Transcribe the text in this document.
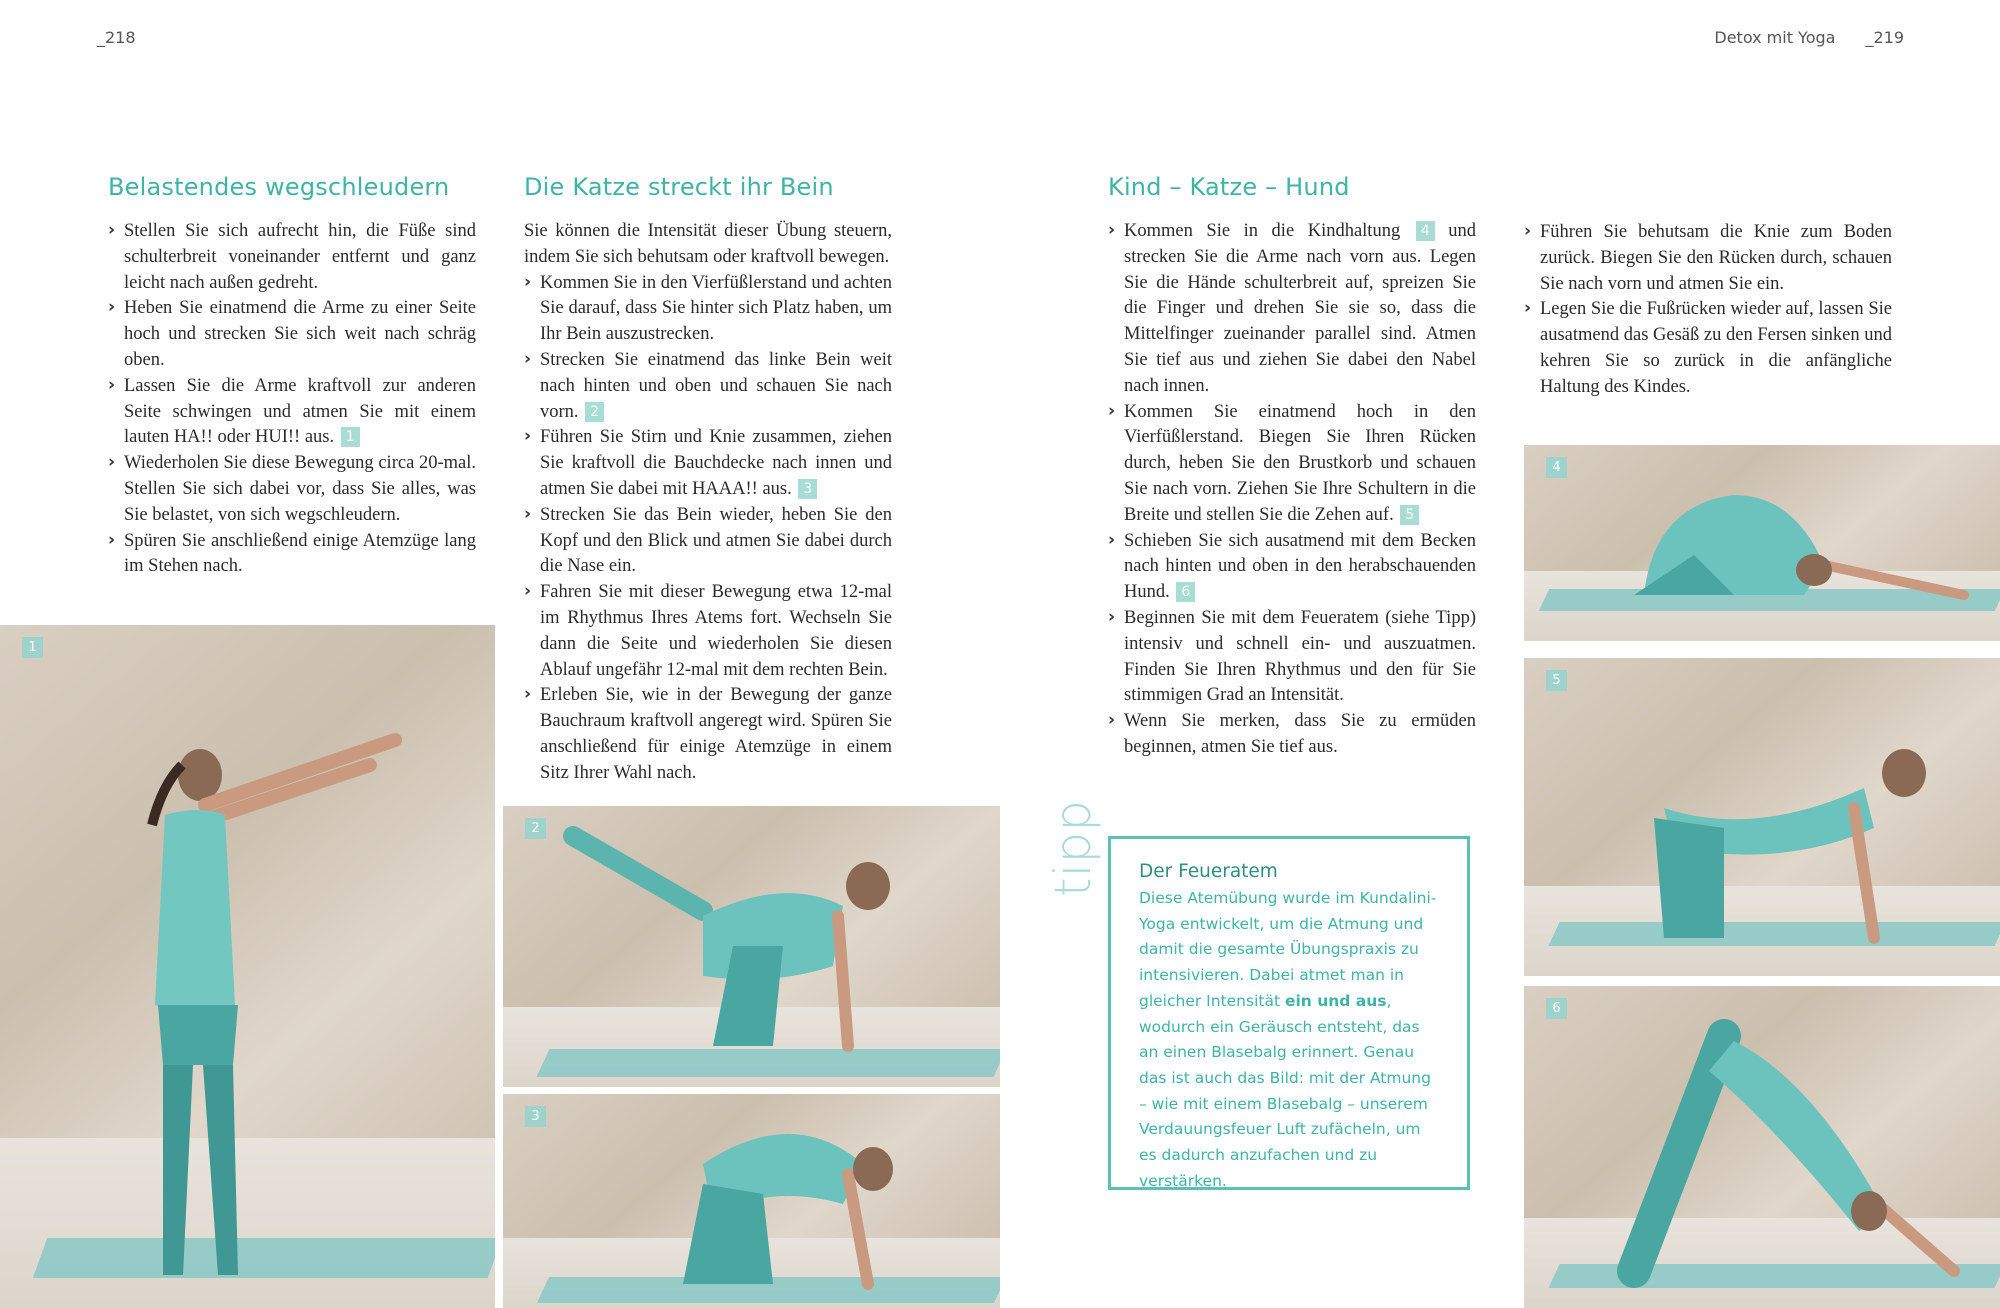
_218	Detox mit Yoga _219
Belastendes wegschleudern
› Stellen Sie sich aufrecht hin, die Füße sind schulterbreit voneinander entfernt und ganz leicht nach außen gedreht.
› Heben Sie einatmend die Arme zu einer Seite hoch und strecken Sie sich weit nach schräg oben.
› Lassen Sie die Arme kraftvoll zur anderen Seite schwingen und atmen Sie mit einem lauten HA!! oder HUI!! aus. 1
› Wiederholen Sie diese Bewegung circa 20-mal. Stellen Sie sich dabei vor, dass Sie alles, was Sie belastet, von sich wegschleudern.
› Spüren Sie anschließend einige Atemzüge lang im Stehen nach.
Die Katze streckt ihr Bein

Sie können die Intensität dieser Übung steuern, indem Sie sich behutsam oder kraftvoll bewegen.

› Kommen Sie in den Vierfüßlerstand und achten Sie darauf, dass Sie hinter sich Platz haben, um Ihr Bein auszustrecken.
› Strecken Sie einatmend das linke Bein weit nach hinten und oben und schauen Sie nach vorn. 2
› Führen Sie Stirn und Knie zusammen, ziehen Sie kraftvoll die Bauchdecke nach innen und atmen Sie dabei mit HAAA!! aus. 3
› Strecken Sie das Bein wieder, heben Sie den Kopf und den Blick und atmen Sie dabei durch die Nase ein.
› Fahren Sie mit dieser Bewegung etwa 12-mal im Rhythmus Ihres Atems fort. Wechseln Sie dann die Seite und wiederholen Sie diesen Ablauf ungefähr 12-mal mit dem rechten Bein.
› Erleben Sie, wie in der Bewegung der ganze Bauchraum kraftvoll angeregt wird. Spüren Sie anschließend für einige Atemzüge in einem Sitz Ihrer Wahl nach.
Kind – Katze – Hund
› Kommen Sie in die Kindhaltung 4 und strecken Sie die Arme nach vorn aus. Legen Sie die Hände schulterbreit auf, spreizen Sie die Finger und drehen Sie sie so, dass die Mittelfinger zueinander parallel sind. Atmen Sie tief aus und ziehen Sie dabei den Nabel nach innen.
› Kommen Sie einatmend hoch in den Vierfüßlerstand. Biegen Sie Ihren Rücken durch, heben Sie den Brustkorb und schauen Sie nach vorn. Ziehen Sie Ihre Schultern in die Breite und stellen Sie die Zehen auf. 5
› Schieben Sie sich ausatmend mit dem Becken nach hinten und oben in den herabschauenden Hund. 6
› Beginnen Sie mit dem Feueratem (siehe Tipp) intensiv und schnell ein- und auszuatmen. Finden Sie Ihren Rhythmus und den für Sie stimmigen Grad an Intensität.
› Wenn Sie merken, dass Sie zu ermüden beginnen, atmen Sie tief aus.
› Führen Sie behutsam die Knie zum Boden zurück. Biegen Sie den Rücken durch, schauen Sie nach vorn und atmen Sie ein.
› Legen Sie die Fußrücken wieder auf, lassen Sie ausatmend das Gesäß zu den Fersen sinken und kehren Sie so zurück in die anfängliche Haltung des Kindes.
1
2
3
4
5
6
tipp Der Feueratem

Diese Atemübung wurde im Kundalini-Yoga entwickelt, um die Atmung und damit die gesamte Übungspraxis zu intensivieren. Dabei atmet man in gleicher Intensität ein und aus, wodurch ein Geräusch entsteht, das an einen Blasebalg erinnert. Genau das ist auch das Bild: mit der Atmung – wie mit einem Blasebalg – unserem Verdauungsfeuer Luft zufächeln, um es dadurch anzufachen und zu verstärken.
